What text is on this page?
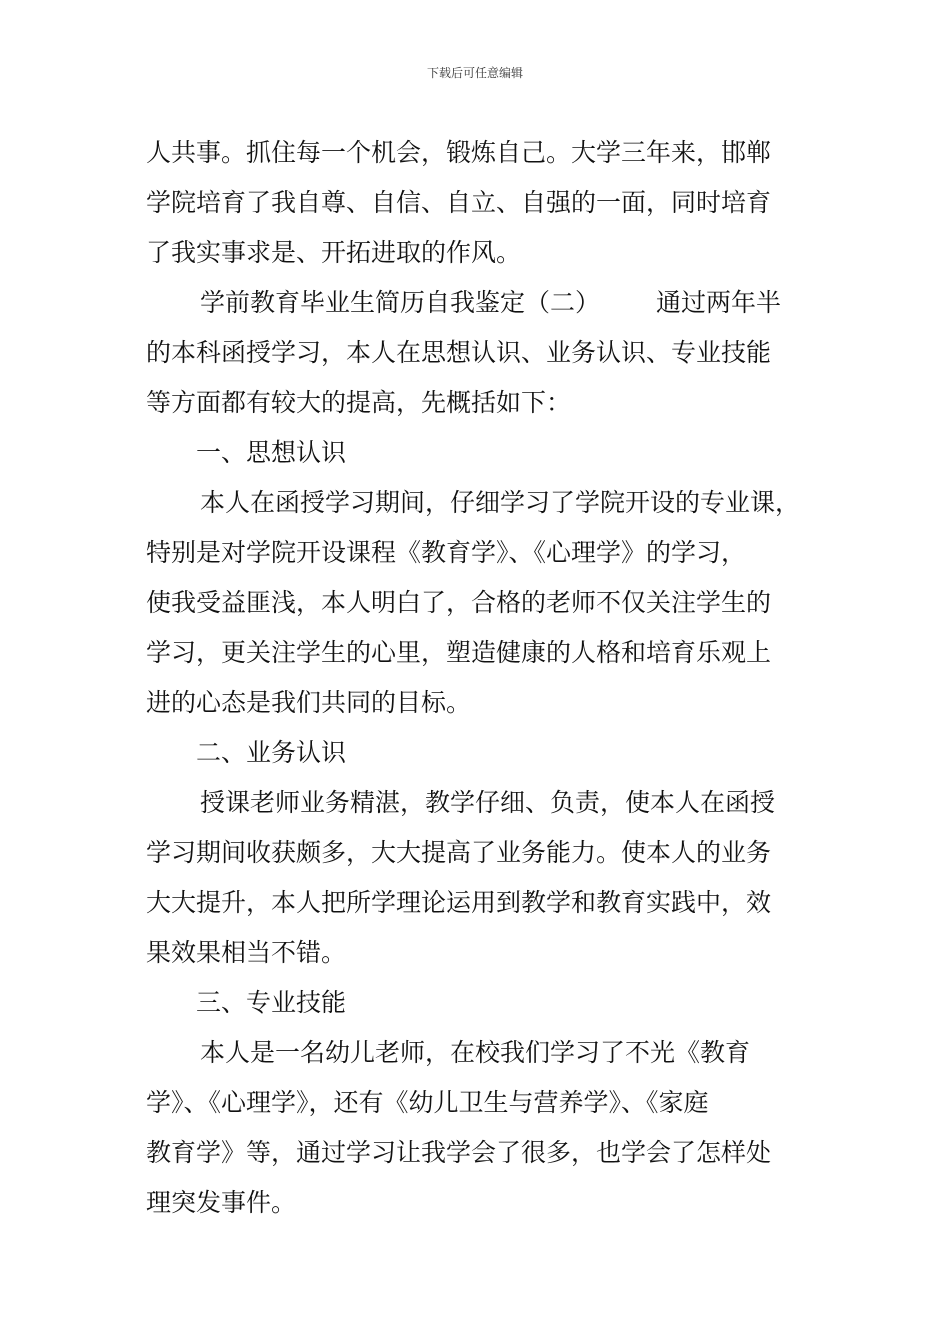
下载后可任意编辑
人共事。抓住每一个机会，锻炼自己。大学三年来，邯郸
学院培育了我自尊、自信、自立、自强的一面，同时培育
了我实事求是、开拓进取的作风。
学前教育毕业生简历自我鉴定（二） 通过两年半
的本科函授学习，本人在思想认识、业务认识、专业技能
等方面都有较大的提高，先概括如下：
一、思想认识
本人在函授学习期间，仔细学习了学院开设的专业课，
特别是对学院开设课程《教育学》、《心理学》的学习，
使我受益匪浅，本人明白了，合格的老师不仅关注学生的
学习，更关注学生的心里，塑造健康的人格和培育乐观上
进的心态是我们共同的目标。
二、业务认识
授课老师业务精湛，教学仔细、负责，使本人在函授
学习期间收获颇多，大大提高了业务能力。使本人的业务
大大提升，本人把所学理论运用到教学和教育实践中，效
果效果相当不错。
三、专业技能
本人是一名幼儿老师，在校我们学习了不光《教育
学》、《心理学》，还有《幼儿卫生与营养学》、《家庭
教育学》等，通过学习让我学会了很多，也学会了怎样处
理突发事件。
